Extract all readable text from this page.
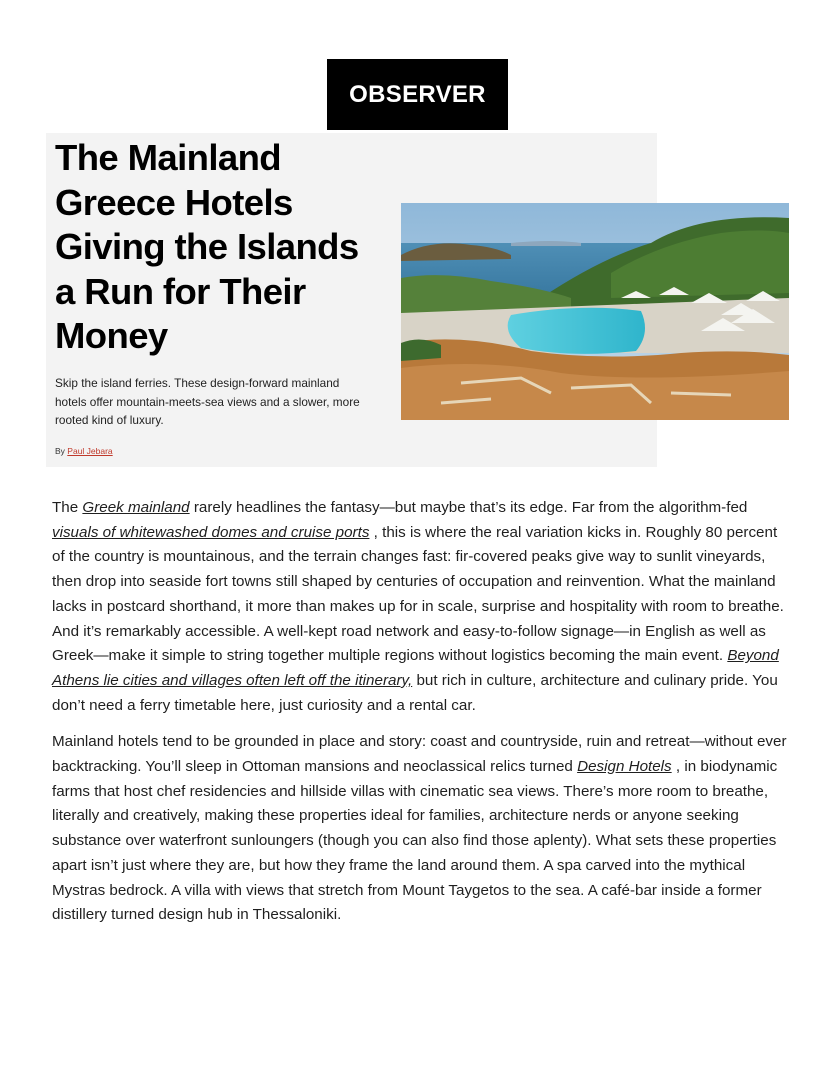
OBSERVER
The Mainland Greece Hotels Giving the Islands a Run for Their Money

Skip the island ferries. These design-forward mainland hotels offer mountain-meets-sea views and a slower, more rooted kind of luxury.

By Paul Jebara

The Greek mainland rarely headlines the fantasy—but maybe that’s its edge. Far from the algorithm-fed visuals of whitewashed domes and cruise ports , this is where the real variation kicks in. Roughly 80 percent of the country is mountainous, and the terrain changes fast: fir-covered peaks give way to sunlit vineyards, then drop into seaside fort towns still shaped by centuries of occupation and reinvention. What the mainland lacks in postcard shorthand, it more than makes up for in scale, surprise and hospitality with room to breathe. And it’s remarkably accessible. A well-kept road network and easy-to-follow signage—in English as well as Greek—make it simple to string together multiple regions without logistics becoming the main event. Beyond Athens lie cities and villages often left off the itinerary, but rich in culture, architecture and culinary pride. You don’t need a ferry timetable here, just curiosity and a rental car.

Mainland hotels tend to be grounded in place and story: coast and countryside, ruin and retreat—without ever backtracking. You’ll sleep in Ottoman mansions and neoclassical relics turned Design Hotels , in biodynamic farms that host chef residencies and hillside villas with cinematic sea views. There’s more room to breathe, literally and creatively, making these properties ideal for families, architecture nerds or anyone seeking substance over waterfront sunloungers (though you can also find those aplenty). What sets these properties apart isn’t just where they are, but how they frame the land around them. A spa carved into the mythical Mystras bedrock. A villa with views that stretch from Mount Taygetos to the sea. A café-bar inside a former distillery turned design hub in Thessaloniki.
